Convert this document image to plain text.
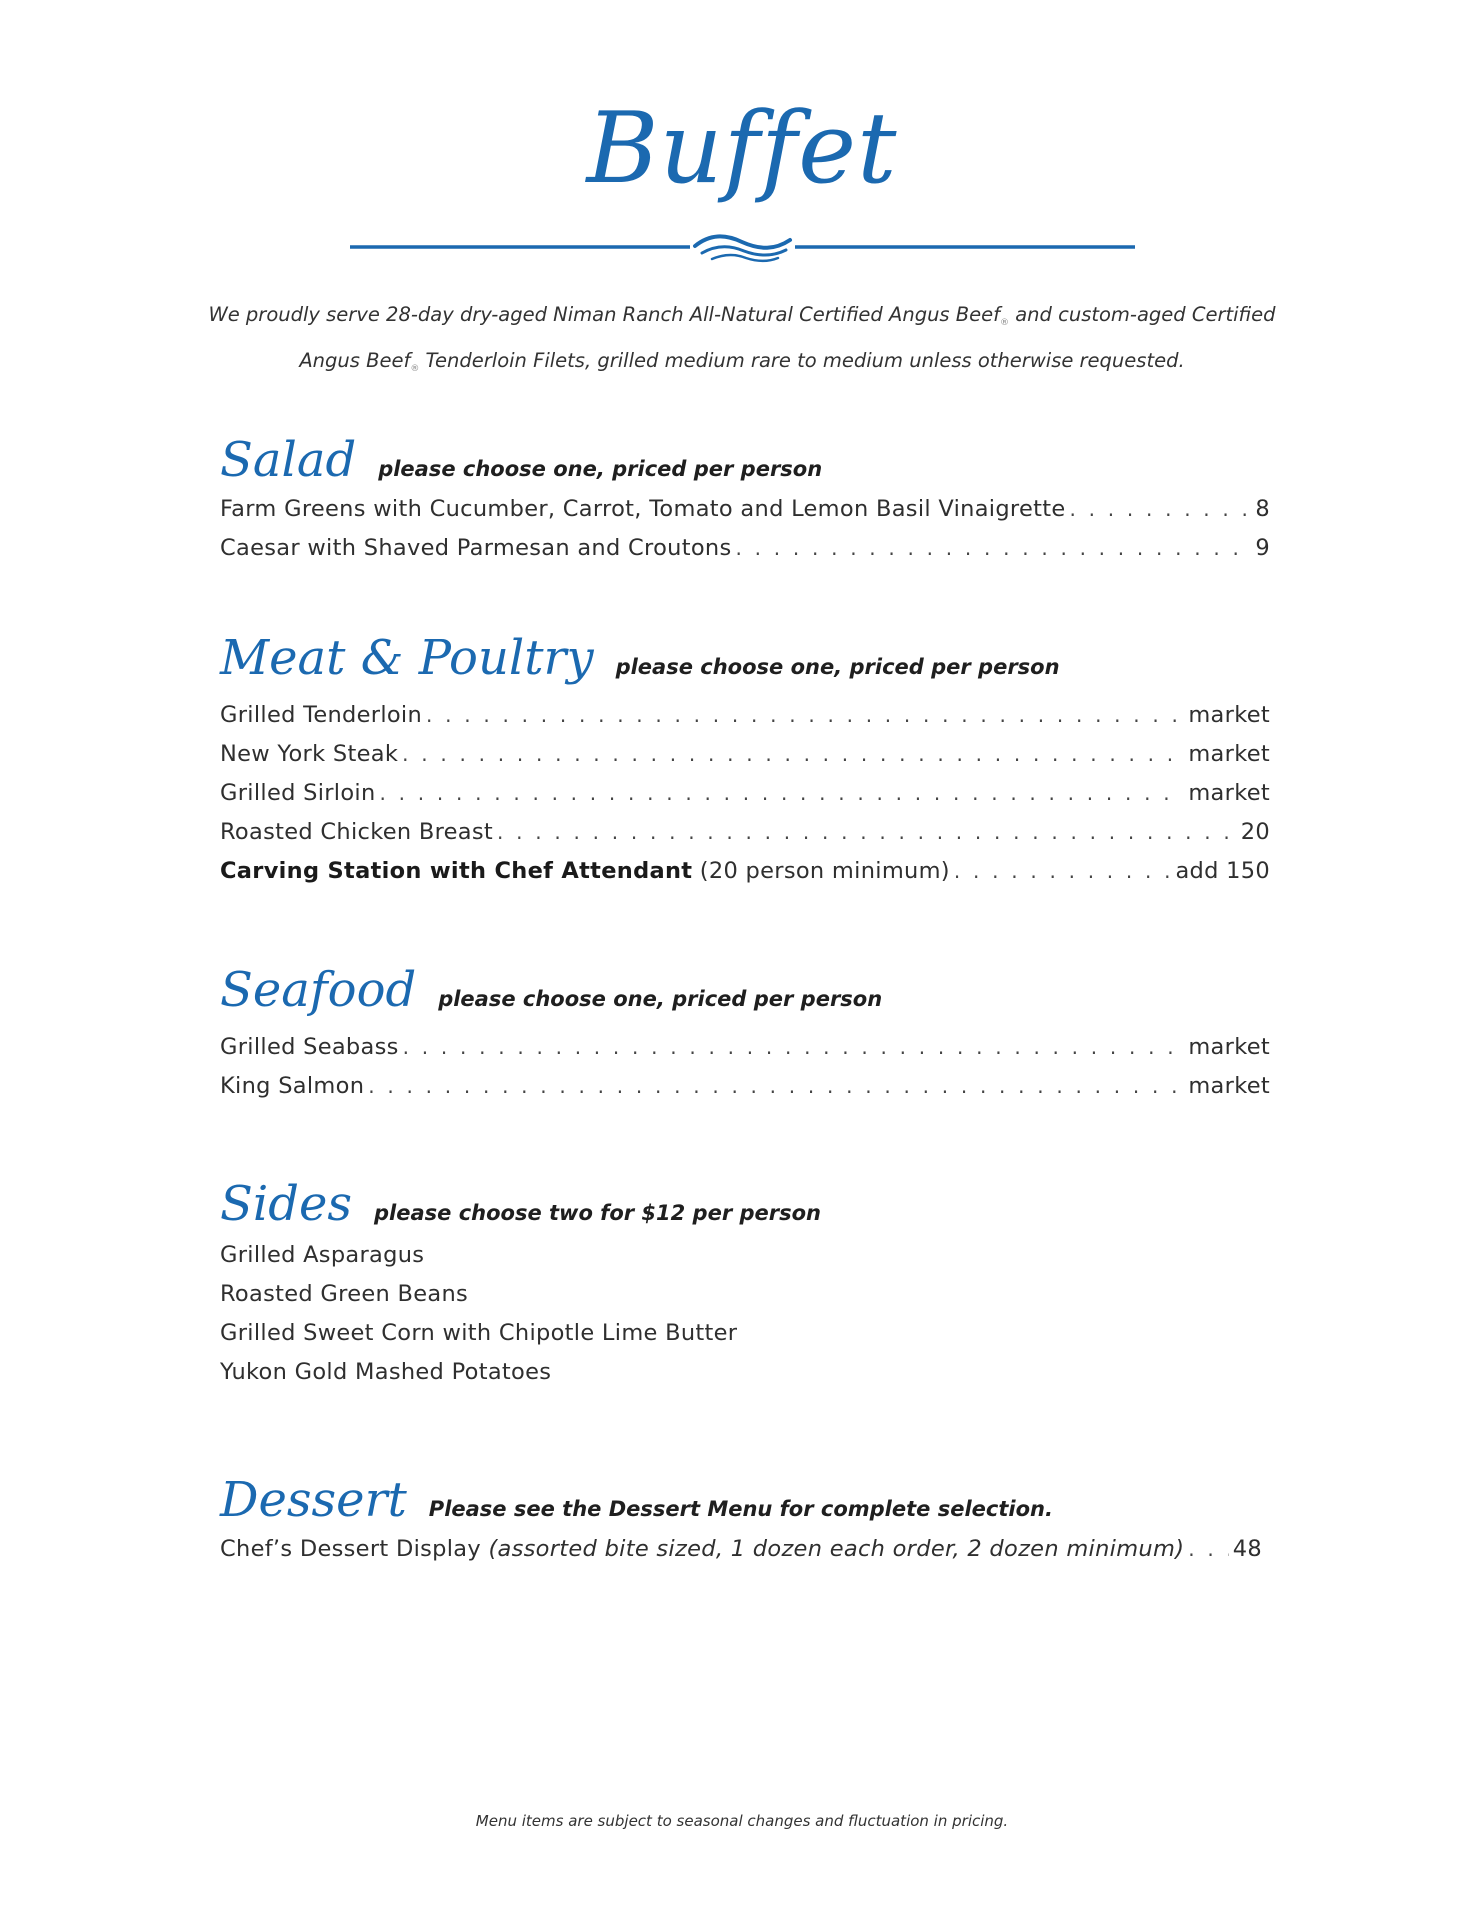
Buffet
We proudly serve 28-day dry-aged Niman Ranch All-Natural Certified Angus Beef$_®$ and custom-aged Certified
Angus Beef$_®$ Tenderloin Filets, grilled medium rare to medium unless otherwise requested.
Salad please choose one, priced per person
Farm Greens with Cucumber, Carrot, Tomato and Lemon Basil Vinaigrette . . .	8
Caesar with Shaved Parmesan and Croutons . . .	9
Meat & Poultry please choose one, priced per person
Grilled Tenderloin . . .	market
New York Steak . . .	market
Grilled Sirloin . . .	market
Roasted Chicken Breast . . .	20
Carving Station with Chef Attendant (20 person minimum) . . .	add 150
Seafood please choose one, priced per person
Grilled Seabass . . .	market
King Salmon . . .	market
Sides please choose two for $12 per person
Grilled Asparagus
Roasted Green Beans
Grilled Sweet Corn with Chipotle Lime Butter
Yukon Gold Mashed Potatoes
Dessert Please see the Dessert Menu for complete selection.
Chef’s Dessert Display (assorted bite sized, 1 dozen each order, 2 dozen minimum) . . . 48
Menu items are subject to seasonal changes and fluctuation in pricing.
